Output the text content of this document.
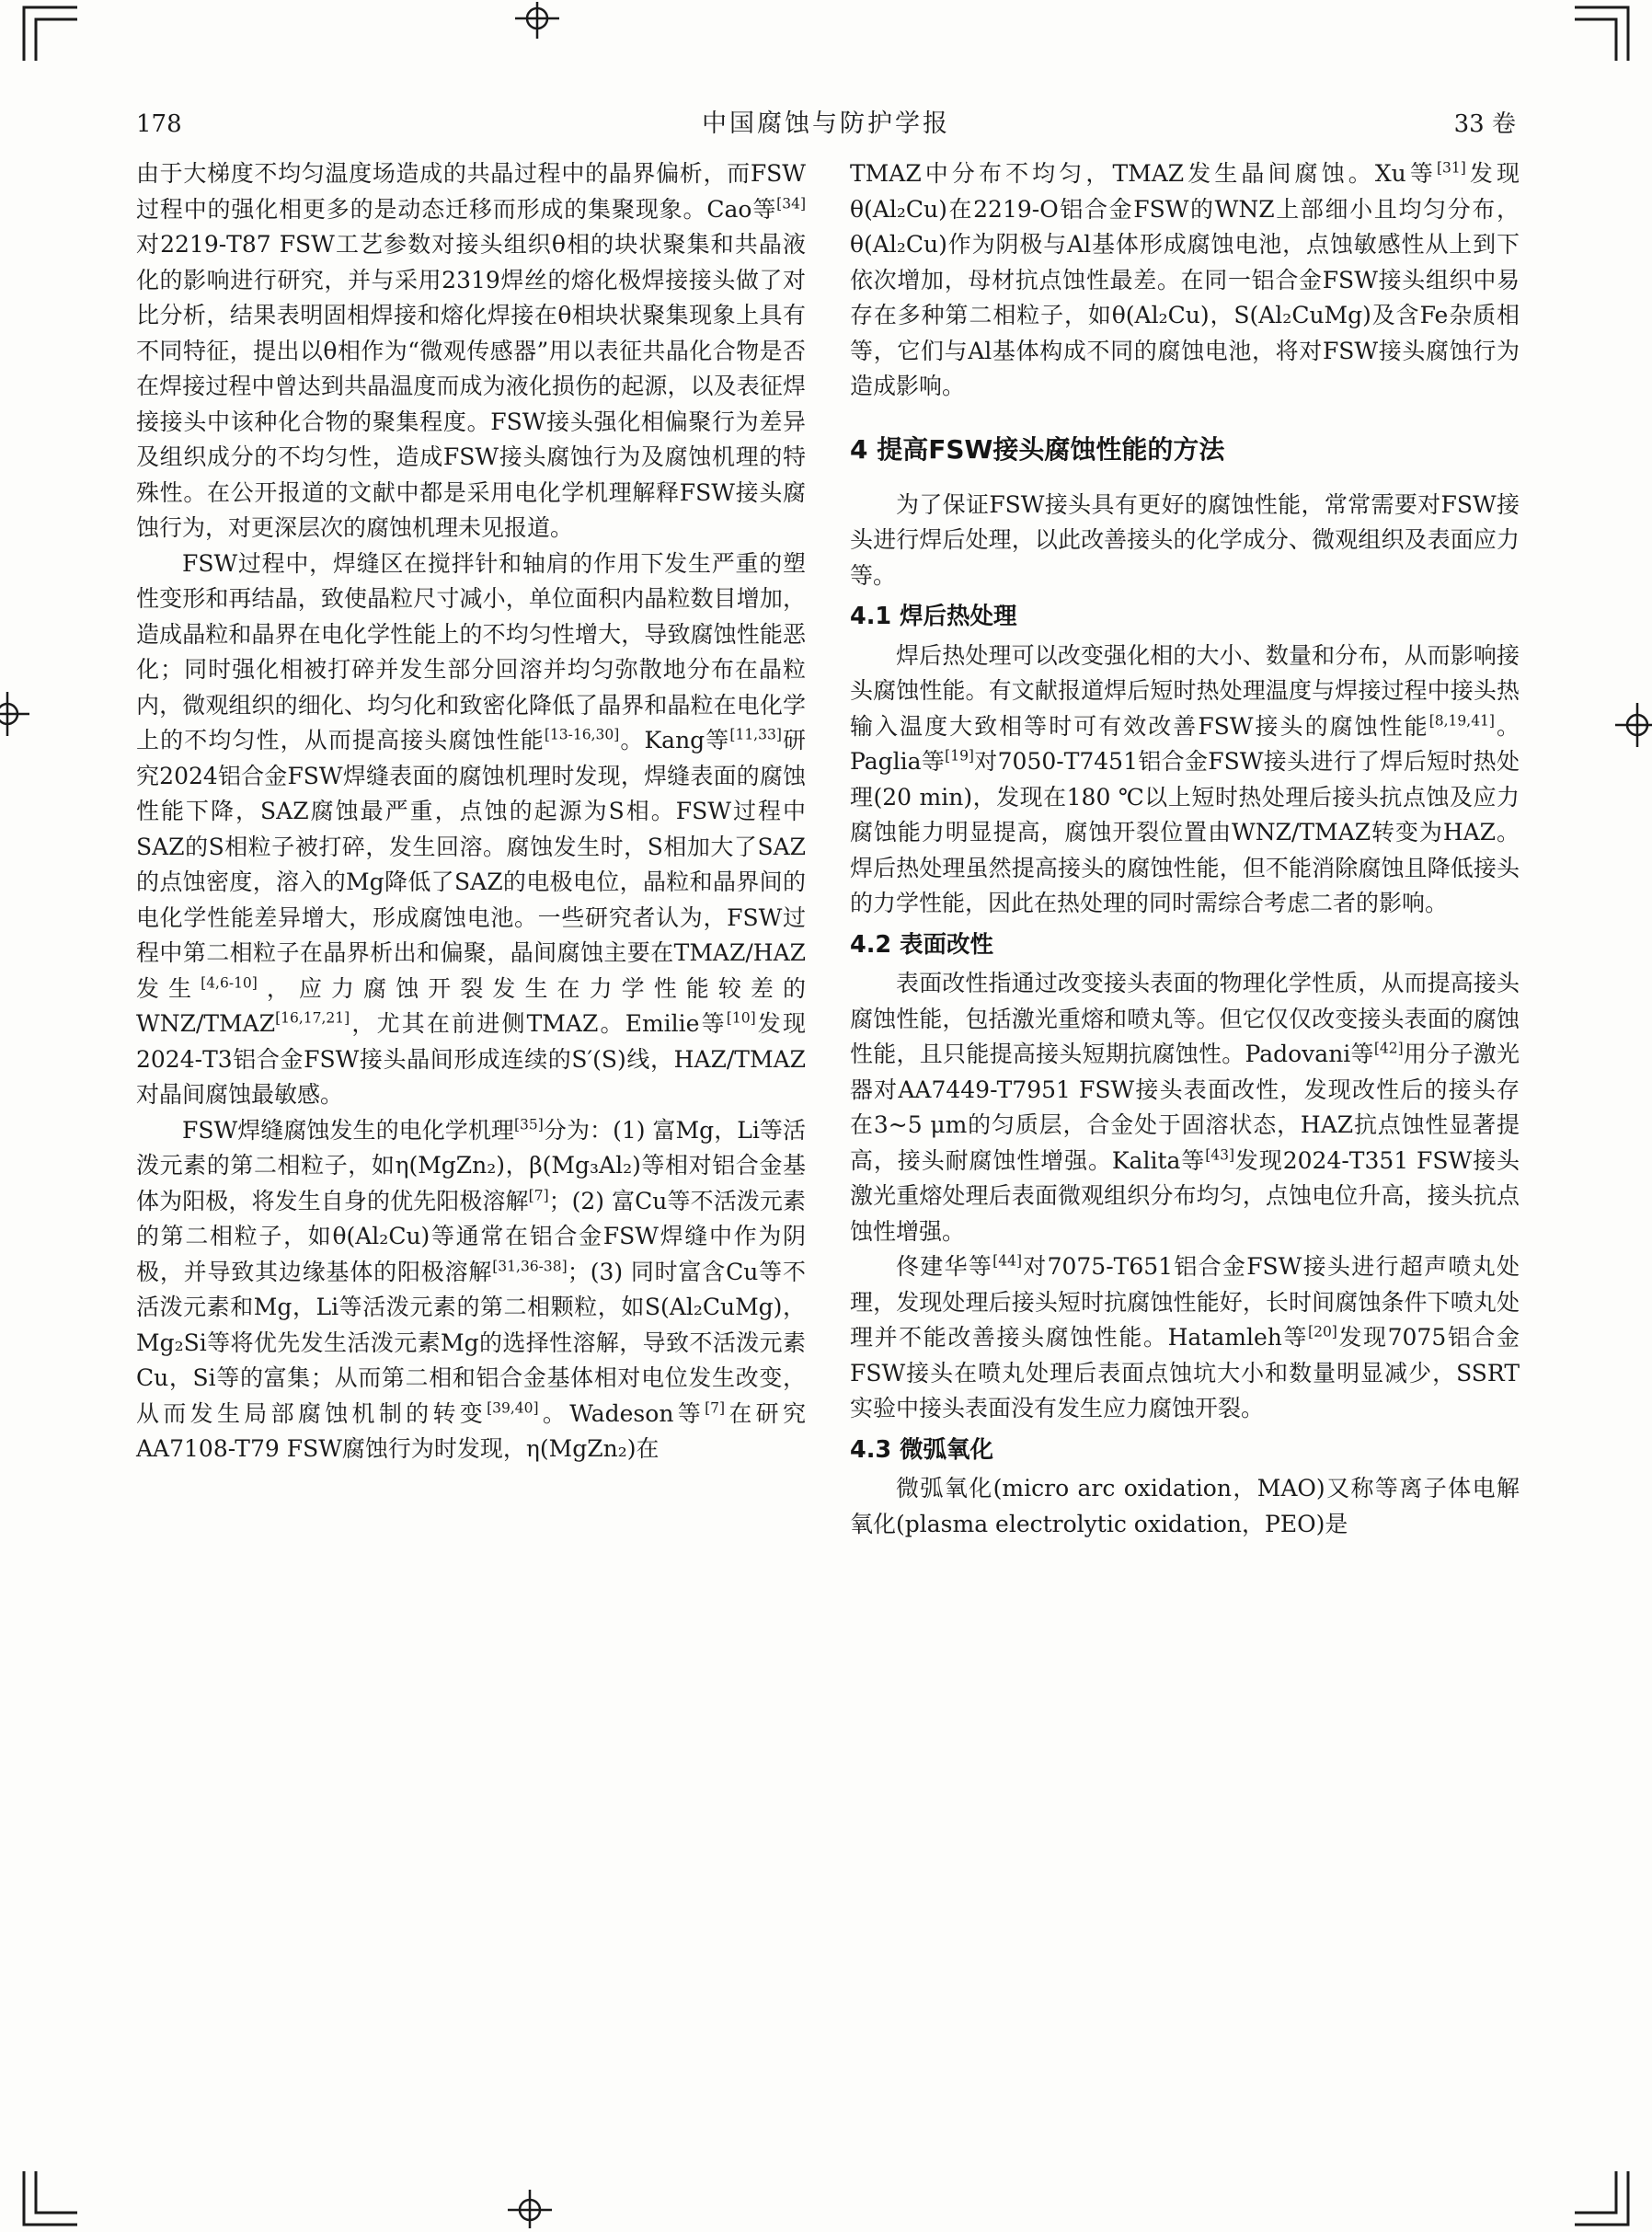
178	中国腐蚀与防护学报	33 卷

由于大梯度不均匀温度场造成的共晶过程中的晶界偏析，而FSW过程中的强化相更多的是动态迁移而形成的集聚现象。Cao等[34]对2219-T87 FSW工艺参数对接头组织θ相的块状聚集和共晶液化的影响进行研究，并与采用2319焊丝的熔化极焊接接头做了对比分析，结果表明固相焊接和熔化焊接在θ相块状聚集现象上具有不同特征，提出以θ相作为“微观传感器”用以表征共晶化合物是否在焊接过程中曾达到共晶温度而成为液化损伤的起源，以及表征焊接接头中该种化合物的聚集程度。FSW接头强化相偏聚行为差异及组织成分的不均匀性，造成FSW接头腐蚀行为及腐蚀机理的特殊性。在公开报道的文献中都是采用电化学机理解释FSW接头腐蚀行为，对更深层次的腐蚀机理未见报道。

FSW过程中，焊缝区在搅拌针和轴肩的作用下发生严重的塑性变形和再结晶，致使晶粒尺寸减小，单位面积内晶粒数目增加，造成晶粒和晶界在电化学性能上的不均匀性增大，导致腐蚀性能恶化；同时强化相被打碎并发生部分回溶并均匀弥散地分布在晶粒内，微观组织的细化、均匀化和致密化降低了晶界和晶粒在电化学上的不均匀性，从而提高接头腐蚀性能[13-16,30]。Kang等[11,33]研究2024铝合金FSW焊缝表面的腐蚀机理时发现，焊缝表面的腐蚀性能下降，SAZ腐蚀最严重，点蚀的起源为S相。FSW过程中SAZ的S相粒子被打碎，发生回溶。腐蚀发生时，S相加大了SAZ的点蚀密度，溶入的Mg降低了SAZ的电极电位，晶粒和晶界间的电化学性能差异增大，形成腐蚀电池。一些研究者认为，FSW过程中第二相粒子在晶界析出和偏聚，晶间腐蚀主要在TMAZ/HAZ发生[4,6-10]，应力腐蚀开裂发生在力学性能较差的WNZ/TMAZ[16,17,21]，尤其在前进侧TMAZ。Emilie等[10]发现2024-T3铝合金FSW接头晶间形成连续的S′(S)线，HAZ/TMAZ对晶间腐蚀最敏感。

FSW焊缝腐蚀发生的电化学机理[35]分为：(1) 富Mg，Li等活泼元素的第二相粒子，如η(MgZn₂)，β(Mg₃Al₂)等相对铝合金基体为阳极，将发生自身的优先阳极溶解[7]；(2) 富Cu等不活泼元素的第二相粒子，如θ(Al₂Cu)等通常在铝合金FSW焊缝中作为阴极，并导致其边缘基体的阳极溶解[31,36-38]；(3) 同时富含Cu等不活泼元素和Mg，Li等活泼元素的第二相颗粒，如S(Al₂CuMg)，Mg₂Si等将优先发生活泼元素Mg的选择性溶解，导致不活泼元素Cu，Si等的富集；从而第二相和铝合金基体相对电位发生改变，从而发生局部腐蚀机制的转变[39,40]。Wadeson等[7]在研究AA7108-T79 FSW腐蚀行为时发现，η(MgZn₂)在

TMAZ中分布不均匀，TMAZ发生晶间腐蚀。Xu等[31]发现θ(Al₂Cu)在2219-O铝合金FSW的WNZ上部细小且均匀分布，θ(Al₂Cu)作为阴极与Al基体形成腐蚀电池，点蚀敏感性从上到下依次增加，母材抗点蚀性最差。在同一铝合金FSW接头组织中易存在多种第二相粒子，如θ(Al₂Cu)，S(Al₂CuMg)及含Fe杂质相等，它们与Al基体构成不同的腐蚀电池，将对FSW接头腐蚀行为造成影响。

4 提高FSW接头腐蚀性能的方法

为了保证FSW接头具有更好的腐蚀性能，常常需要对FSW接头进行焊后处理，以此改善接头的化学成分、微观组织及表面应力等。

4.1 焊后热处理

焊后热处理可以改变强化相的大小、数量和分布，从而影响接头腐蚀性能。有文献报道焊后短时热处理温度与焊接过程中接头热输入温度大致相等时可有效改善FSW接头的腐蚀性能[8,19,41]。Paglia等[19]对7050-T7451铝合金FSW接头进行了焊后短时热处理(20 min)，发现在180 ℃以上短时热处理后接头抗点蚀及应力腐蚀能力明显提高，腐蚀开裂位置由WNZ/TMAZ转变为HAZ。焊后热处理虽然提高接头的腐蚀性能，但不能消除腐蚀且降低接头的力学性能，因此在热处理的同时需综合考虑二者的影响。

4.2 表面改性

表面改性指通过改变接头表面的物理化学性质，从而提高接头腐蚀性能，包括激光重熔和喷丸等。但它仅仅改变接头表面的腐蚀性能，且只能提高接头短期抗腐蚀性。Padovani等[42]用分子激光器对AA7449-T7951 FSW接头表面改性，发现改性后的接头存在3~5 μm的匀质层，合金处于固溶状态，HAZ抗点蚀性显著提高，接头耐腐蚀性增强。Kalita等[43]发现2024-T351 FSW接头激光重熔处理后表面微观组织分布均匀，点蚀电位升高，接头抗点蚀性增强。

佟建华等[44]对7075-T651铝合金FSW接头进行超声喷丸处理，发现处理后接头短时抗腐蚀性能好，长时间腐蚀条件下喷丸处理并不能改善接头腐蚀性能。Hatamleh等[20]发现7075铝合金FSW接头在喷丸处理后表面点蚀坑大小和数量明显减少，SSRT实验中接头表面没有发生应力腐蚀开裂。

4.3 微弧氧化

微弧氧化(micro arc oxidation，MAO)又称等离子体电解氧化(plasma electrolytic oxidation，PEO)是
